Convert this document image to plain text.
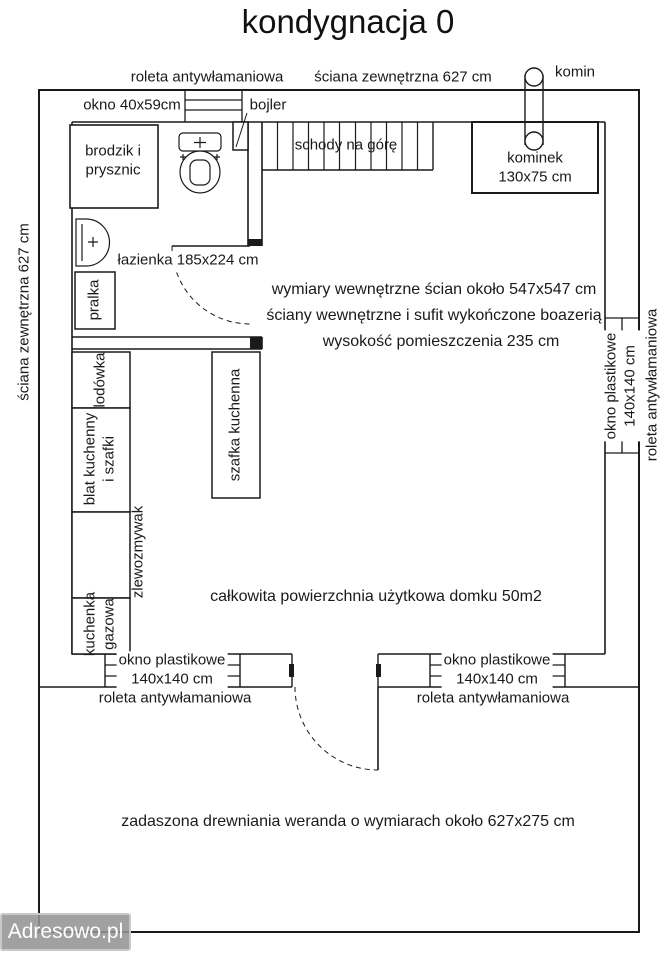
kondygnacja 0
roleta antywłamaniowa ściana zewnętrzna 627 cm	komin
okno 40x59cm	bojler
brodzik i
prysznic
łazienka 185x224 cm
pralka
schody na górę
kominek
130x75 cm
wymiary wewnętrzne ścian około 547x547 cm
ściany wewnętrzne i sufit wykończone boazerią
wysokość pomieszczenia 235 cm
całkowita powierzchnia użytkowa domku 50m2
lodówka
blat kuchenny i szafki
zlewozmywak
kuchenka gazowa
szafka kuchenna
ściana zewnętrzna 627 cm	okno plastikowe 140x140 cm roleta antywłamaniowa
okno plastikowe
140x140 cm
okno plastikowe
140x140 cm
roleta antywłamaniowa	roleta antywłamaniowa
zadaszona drewniania weranda o wymiarach około 627x275 cm
Adresowo.pl
